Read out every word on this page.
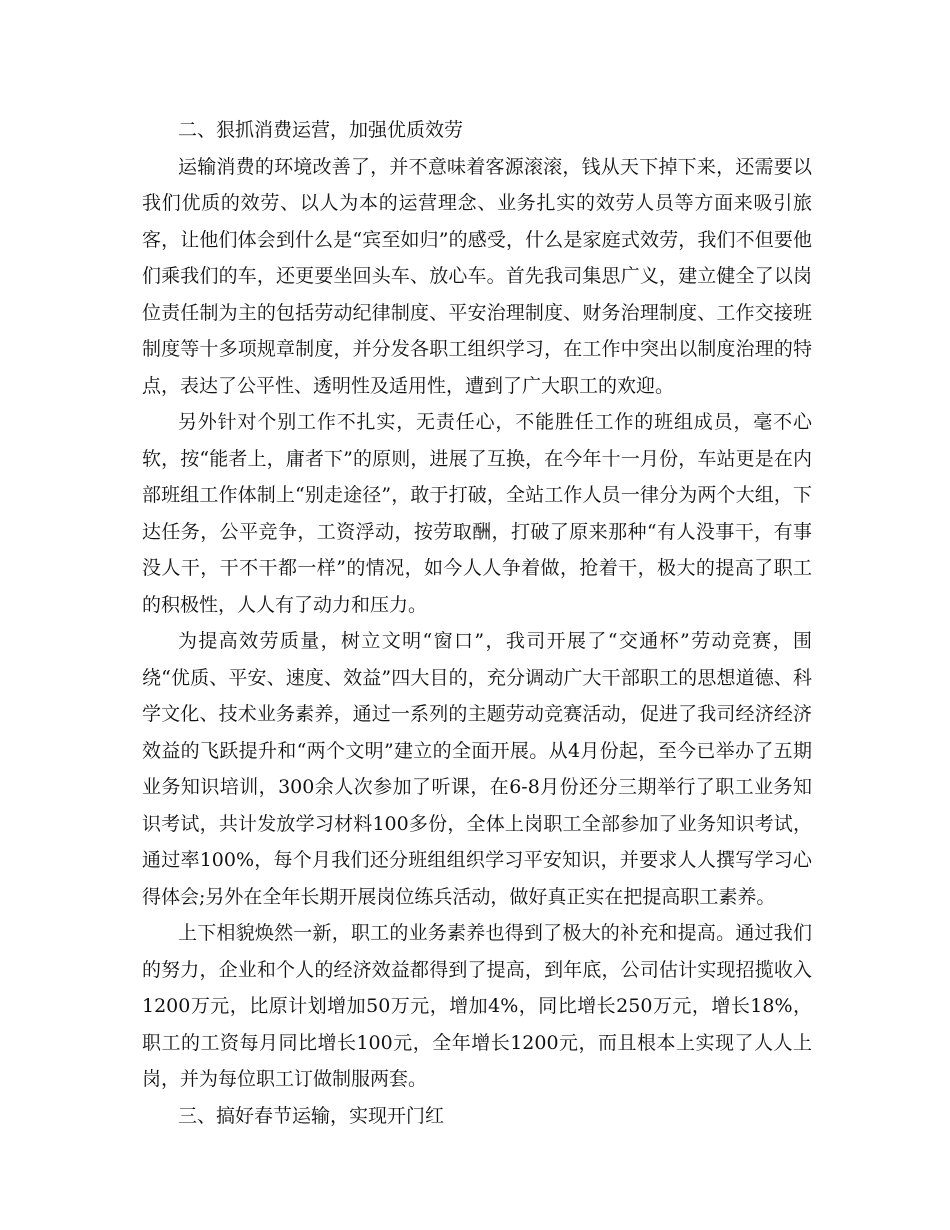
二、狠抓消费运营，加强优质效劳

运输消费的环境改善了，并不意味着客源滚滚，钱从天下掉下来，还需要以我们优质的效劳、以人为本的运营理念、业务扎实的效劳人员等方面来吸引旅客，让他们体会到什么是“宾至如归”的感受，什么是家庭式效劳，我们不但要他们乘我们的车，还更要坐回头车、放心车。首先我司集思广义，建立健全了以岗位责任制为主的包括劳动纪律制度、平安治理制度、财务治理制度、工作交接班制度等十多项规章制度，并分发各职工组织学习，在工作中突出以制度治理的特点，表达了公平性、透明性及适用性，遭到了广大职工的欢迎。

另外针对个别工作不扎实，无责任心，不能胜任工作的班组成员，毫不心软，按“能者上，庸者下”的原则，进展了互换，在今年十一月份，车站更是在内部班组工作体制上“别走途径”，敢于打破，全站工作人员一律分为两个大组，下达任务，公平竞争，工资浮动，按劳取酬，打破了原来那种“有人没事干，有事没人干，干不干都一样”的情况，如今人人争着做，抢着干，极大的提高了职工的积极性，人人有了动力和压力。

为提高效劳质量，树立文明“窗口”，我司开展了“交通杯”劳动竞赛，围绕“优质、平安、速度、效益”四大目的，充分调动广大干部职工的思想道德、科学文化、技术业务素养，通过一系列的主题劳动竞赛活动，促进了我司经济经济效益的飞跃提升和“两个文明”建立的全面开展。从4月份起，至今已举办了五期业务知识培训，300余人次参加了听课，在6-8月份还分三期举行了职工业务知识考试，共计发放学习材料100多份，全体上岗职工全部参加了业务知识考试，通过率100%，每个月我们还分班组组织学习平安知识，并要求人人撰写学习心得体会;另外在全年长期开展岗位练兵活动，做好真正实在把提高职工素养。

上下相貌焕然一新，职工的业务素养也得到了极大的补充和提高。通过我们的努力，企业和个人的经济效益都得到了提高，到年底，公司估计实现招揽收入1200万元，比原计划增加50万元，增加4%，同比增长250万元，增长18%，职工的工资每月同比增长100元，全年增长1200元，而且根本上实现了人人上岗，并为每位职工订做制服两套。

三、搞好春节运输，实现开门红
